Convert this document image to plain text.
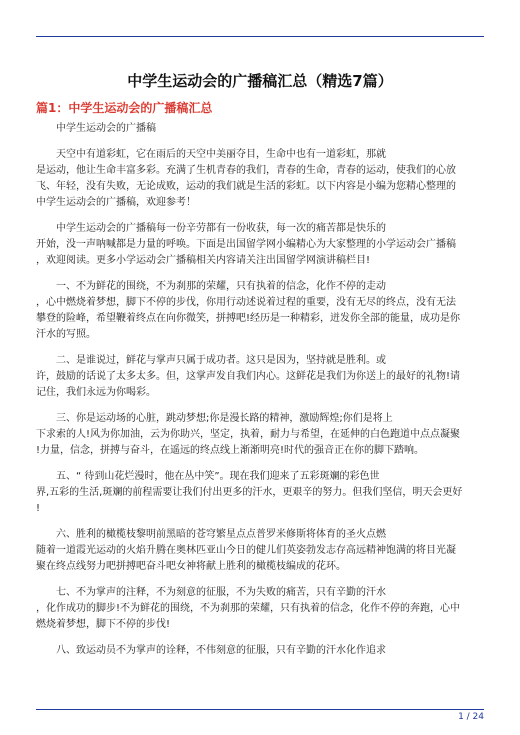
中学生运动会的广播稿汇总（精选7篇）
篇1：中学生运动会的广播稿汇总

中学生运动会的广播稿

天空中有道彩虹，它在雨后的天空中美丽夺目，生命中也有一道彩虹，那就
是运动，他让生命丰富多彩。充满了生机青春的我们，青春的生命，青春的运动，使我们的心放
飞、年轻，没有失败，无论成败，运动的我们就是生活的彩虹。以下内容是小编为您精心整理的
中学生运动会的广播稿，欢迎参考！

中学生运动会的广播稿每一份辛劳都有一份收获，每一次的痛苦都是快乐的
开始，没一声呐喊都是力量的呼唤。下面是出国留学网小编精心为大家整理的小学运动会广播稿
，欢迎阅读。更多小学运动会广播稿相关内容请关注出国留学网演讲稿栏目!

一、不为鲜花的围绕，不为刹那的荣耀，只有执着的信念，化作不停的走动
，心中燃烧着梦想，脚下不停的步伐，你用行动述说着过程的重要，没有无尽的终点，没有无法
攀登的险峰，希望鞭着终点在向你微笑，拼搏吧!经历是一种精彩，迸发你全部的能量，成功是你
汗水的写照。

二、是谁说过，鲜花与掌声只属于成功者。这只是因为，坚持就是胜利。或
许，鼓励的话说了太多太多。但，这掌声发自我们内心。这鲜花是我们为你送上的最好的礼物!请
记住，我们永远为你喝彩。

三、你是运动场的心脏，跳动梦想;你是漫长路的精神，激励辉煌;你们是将上
下求索的人!风为你加油，云为你助兴，坚定，执着，耐力与希望，在延伸的白色跑道中点点凝聚
!力量，信念，拼搏与奋斗，在遥远的终点线上渐渐明亮!时代的强音正在你的脚下踏响。

五、“ 待到山花烂漫时，他在丛中笑”。现在我们迎来了五彩斑斓的彩色世
界,五彩的生活,斑斓的前程需要让我们付出更多的汗水，更艰辛的努力。但我们坚信，明天会更好
!

六、胜利的橄榄枝黎明前黑暗的苍穹繁星点点普罗米修斯将体育的圣火点燃
随着一道霞光运动的火焰升腾在奥林匹亚山今日的健儿们英姿勃发志存高远精神饱满的将目光凝
聚在终点线努力吧拼搏吧奋斗吧女神将献上胜利的橄榄枝编成的花环。

七、不为掌声的注释，不为刻意的征服，不为失败的痛苦，只有辛勤的汗水
，化作成功的脚步!不为鲜花的围绕，不为刹那的荣耀，只有执着的信念，化作不停的奔跑，心中
燃烧着梦想，脚下不停的步伐!

八、致运动员不为掌声的诠释，不伟刻意的征服，只有辛勤的汗水化作追求

1 / 24
